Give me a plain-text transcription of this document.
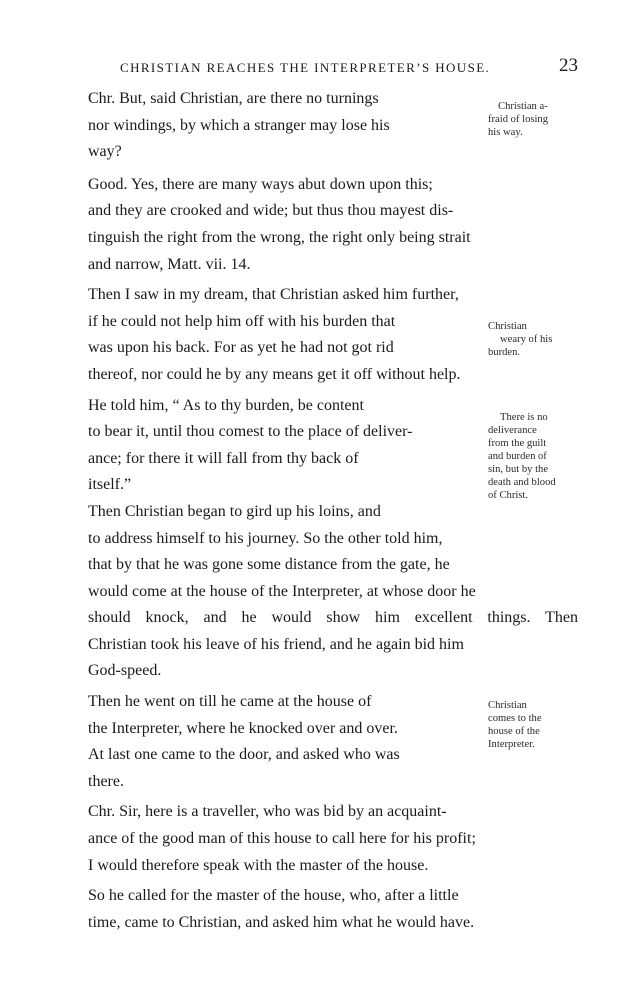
CHRISTIAN REACHES THE INTERPRETER’S HOUSE.	23
Chr. But, said Christian, are there no turnings
nor windings, by which a stranger may lose his
way?
Christian a-
fraid of losing
his way.
Good. Yes, there are many ways abut down upon this;
and they are crooked and wide; but thus thou mayest dis-
tinguish the right from the wrong, the right only being strait
and narrow, Matt. vii. 14.
Then I saw in my dream, that Christian asked him further,
if he could not help him off with his burden that
was upon his back. For as yet he had not got rid
thereof, nor could he by any means get it off without help.
Christian
weary of his
burden.
He told him, “ As to thy burden, be content
to bear it, until thou comest to the place of deliver-
ance; for there it will fall from thy back of
itself.”
There is no
deliverance
from the guilt
and burden of
sin, but by the
death and blood
of Christ.
Then Christian began to gird up his loins, and
to address himself to his journey. So the other told him,
that by that he was gone some distance from the gate, he
would come at the house of the Interpreter, at whose door he
should knock, and he would show him excellent things. Then
Christian took his leave of his friend, and he again bid him
God-speed.
Then he went on till he came at the house of
the Interpreter, where he knocked over and over.
At last one came to the door, and asked who was
there.
Christian
comes to the
house of the
Interpreter.
Chr. Sir, here is a traveller, who was bid by an acquaint-
ance of the good man of this house to call here for his profit;
I would therefore speak with the master of the house.
So he called for the master of the house, who, after a little
time, came to Christian, and asked him what he would have.
